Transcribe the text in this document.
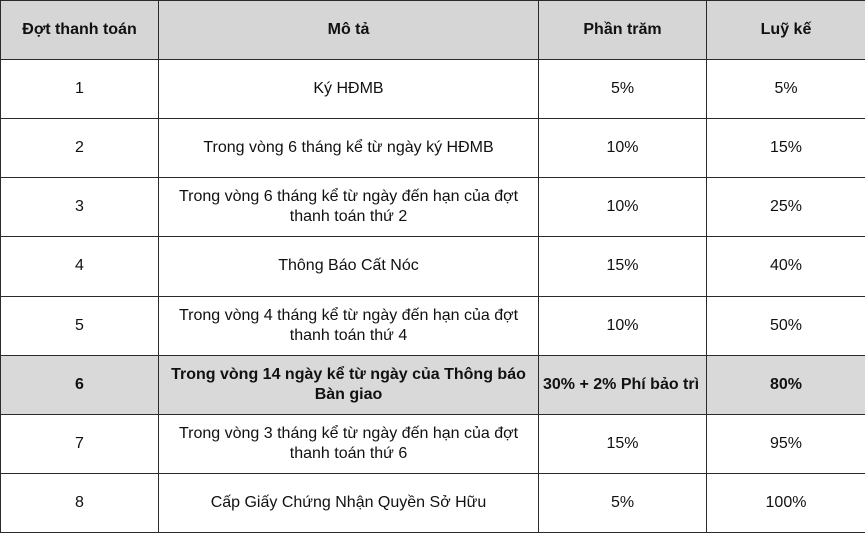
Đợt thanh toán	Mô tả	Phần trăm	Luỹ kế
1	Ký HĐMB	5%	5%
2	Trong vòng 6 tháng kể từ ngày ký HĐMB	10%	15%
3	Trong vòng 6 tháng kể từ ngày đến hạn của đợt thanh toán thứ 2	10%	25%
4	Thông Báo Cất Nóc	15%	40%
5	Trong vòng 4 tháng kể từ ngày đến hạn của đợt thanh toán thứ 4	10%	50%
6	Trong vòng 14 ngày kể từ ngày của Thông báo Bàn giao	30% + 2% Phí bảo trì	80%
7	Trong vòng 3 tháng kể từ ngày đến hạn của đợt thanh toán thứ 6	15%	95%
8	Cấp Giấy Chứng Nhận Quyền Sở Hữu	5%	100%
